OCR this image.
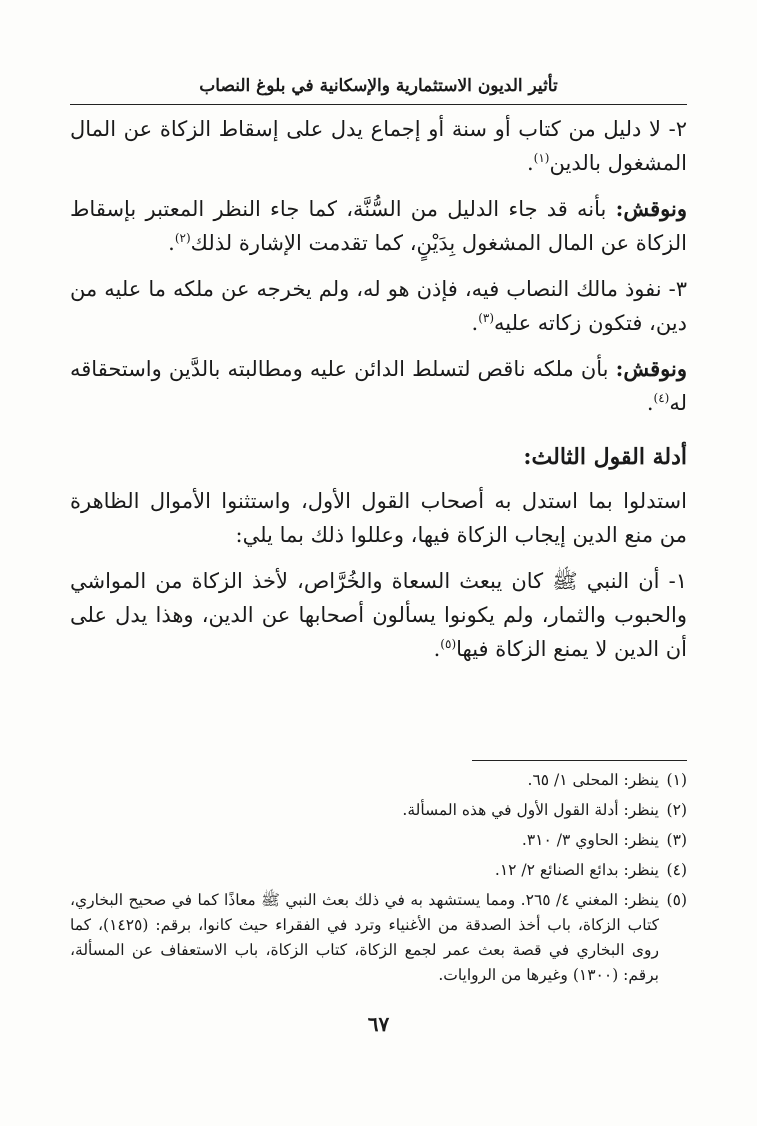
تأثير الديون الاستثمارية والإسكانية في بلوغ النصاب

٢- لا دليل من كتاب أو سنة أو إجماع يدل على إسقاط الزكاة عن المال المشغول بالدين$^{(١)}$.

ونوقش: بأنه قد جاء الدليل من السُّنَّة، كما جاء النظر المعتبر بإسقاط الزكاة عن المال المشغول بِدَيْنٍ، كما تقدمت الإشارة لذلك$^{(٢)}$.

٣- نفوذ مالك النصاب فيه، فإذن هو له، ولم يخرجه عن ملكه ما عليه من دين، فتكون زكاته عليه$^{(٣)}$.

ونوقش: بأن ملكه ناقص لتسلط الدائن عليه ومطالبته بالدَّين واستحقاقه له$^{(٤)}$.

أدلة القول الثالث:

استدلوا بما استدل به أصحاب القول الأول، واستثنوا الأموال الظاهرة من منع الدين إيجاب الزكاة فيها، وعللوا ذلك بما يلي:

١- أن النبي ﷺ كان يبعث السعاة والخُرَّاص، لأخذ الزكاة من المواشي والحبوب والثمار، ولم يكونوا يسألون أصحابها عن الدين، وهذا يدل على أن الدين لا يمنع الزكاة فيها$^{(٥)}$.

(١)
ينظر: المحلى ١/ ٦٥.
(٢)
ينظر: أدلة القول الأول في هذه المسألة.
(٣)
ينظر: الحاوي ٣/ ٣١٠.
(٤)
ينظر: بدائع الصنائع ٢/ ١٢.
(٥)
ينظر: المغني ٤/ ٢٦٥. ومما يستشهد به في ذلك بعث النبي ﷺ معاذًا كما في صحيح البخاري، كتاب الزكاة، باب أخذ الصدقة من الأغنياء وترد في الفقراء حيث كانوا، برقم: (١٤٢٥)، كما روى البخاري في قصة بعث عمر لجمع الزكاة، كتاب الزكاة، باب الاستعفاف عن المسألة، برقم: (١٣٠٠) وغيرها من الروايات.
٦٧
